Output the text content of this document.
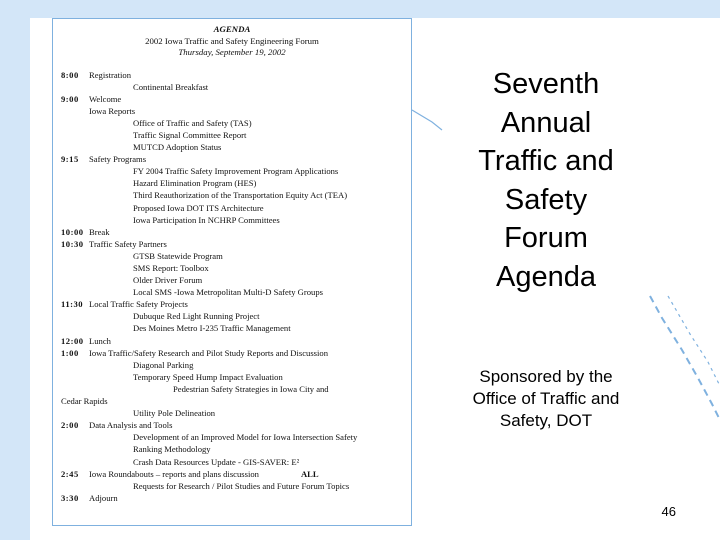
AGENDA
2002 Iowa Traffic and Safety Engineering Forum
Thursday, September 19, 2002
8:00 Registration
Continental Breakfast
9:00 Welcome
Iowa Reports
Office of Traffic and Safety (TAS)
Traffic Signal Committee Report
MUTCD Adoption Status
9:15 Safety Programs
FY 2004 Traffic Safety Improvement Program Applications
Hazard Elimination Program (HES)
Third Reauthorization of the Transportation Equity Act (TEA)
Proposed Iowa DOT ITS Architecture
Iowa Participation In NCHRP Committees
10:00 Break
10:30 Traffic Safety Partners
GTSB Statewide Program
SMS Report: Toolbox
Older Driver Forum
Local SMS -Iowa Metropolitan Multi-D Safety Groups
11:30 Local Traffic Safety Projects
Dubuque Red Light Running Project
Des Moines Metro I-235 Traffic Management
12:00 Lunch
1:00 Iowa Traffic/Safety Research and Pilot Study Reports and Discussion
Diagonal Parking
Temporary Speed Hump Impact Evaluation
Pedestrian Safety Strategies in Iowa City and
Cedar Rapids
Utility Pole Delineation
2:00 Data Analysis and Tools
Development of an Improved Model for Iowa Intersection Safety
Ranking Methodology
Crash Data Resources Update - GIS-SAVER: E²
2:45 Iowa Roundabouts – reports and plans discussion	ALL
Requests for Research / Pilot Studies and Future Forum Topics
3:30 Adjourn
Seventh
Annual
Traffic and
Safety
Forum
Agenda
Sponsored by the
Office of Traffic and
Safety, DOT
46
